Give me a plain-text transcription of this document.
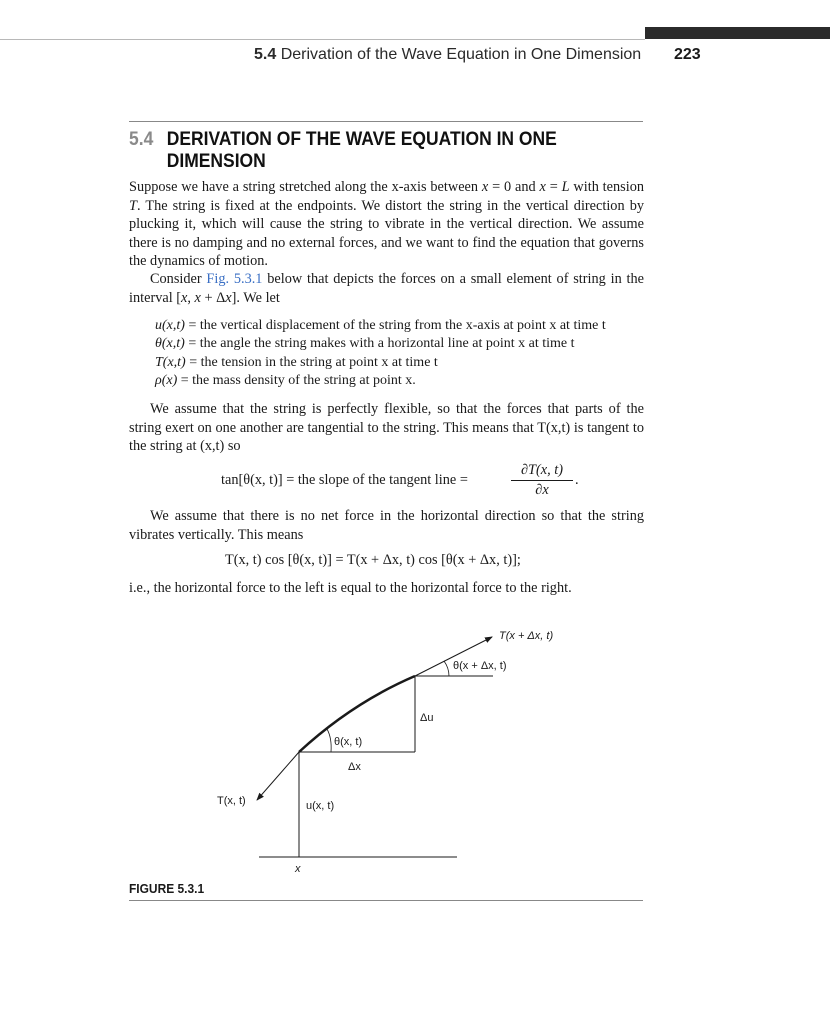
5.4 Derivation of the Wave Equation in One Dimension 223
5.4 DERIVATION OF THE WAVE EQUATION IN ONE
DIMENSION
Suppose we have a string stretched along the x-axis between x = 0 and x = L with tension T. The string is fixed at the endpoints. We distort the string in the vertical direction by plucking it, which will cause the string to vibrate in the vertical direction. We assume there is no damping and no external forces, and we want to find the equation that governs the dynamics of motion.
Consider Fig. 5.3.1 below that depicts the forces on a small element of string in the interval [x, x + Δx]. We let
u(x,t) = the vertical displacement of the string from the x-axis at point x at time t
θ(x,t) = the angle the string makes with a horizontal line at point x at time t
T(x,t) = the tension in the string at point x at time t
ρ(x) = the mass density of the string at point x.
We assume that the string is perfectly flexible, so that the forces that parts of the string exert on one another are tangential to the string. This means that T(x,t) is tangent to the string at (x,t) so
tan[θ(x, t)] = the slope of the tangent line =	$\frac{\partial T(x, t)}{\partial x}$ .
We assume that there is no net force in the horizontal direction so that the string vibrates vertically. This means
T(x, t) cos [θ(x, t)] = T(x + Δx, t) cos [θ(x + Δx, t)];
i.e., the horizontal force to the left is equal to the horizontal force to the right.
T(x + Δx, t)
θ(x + Δx, t)
Δu
θ(x, t)
Δx
T(x, t)	u(x, t)
x
FIGURE 5.3.1
